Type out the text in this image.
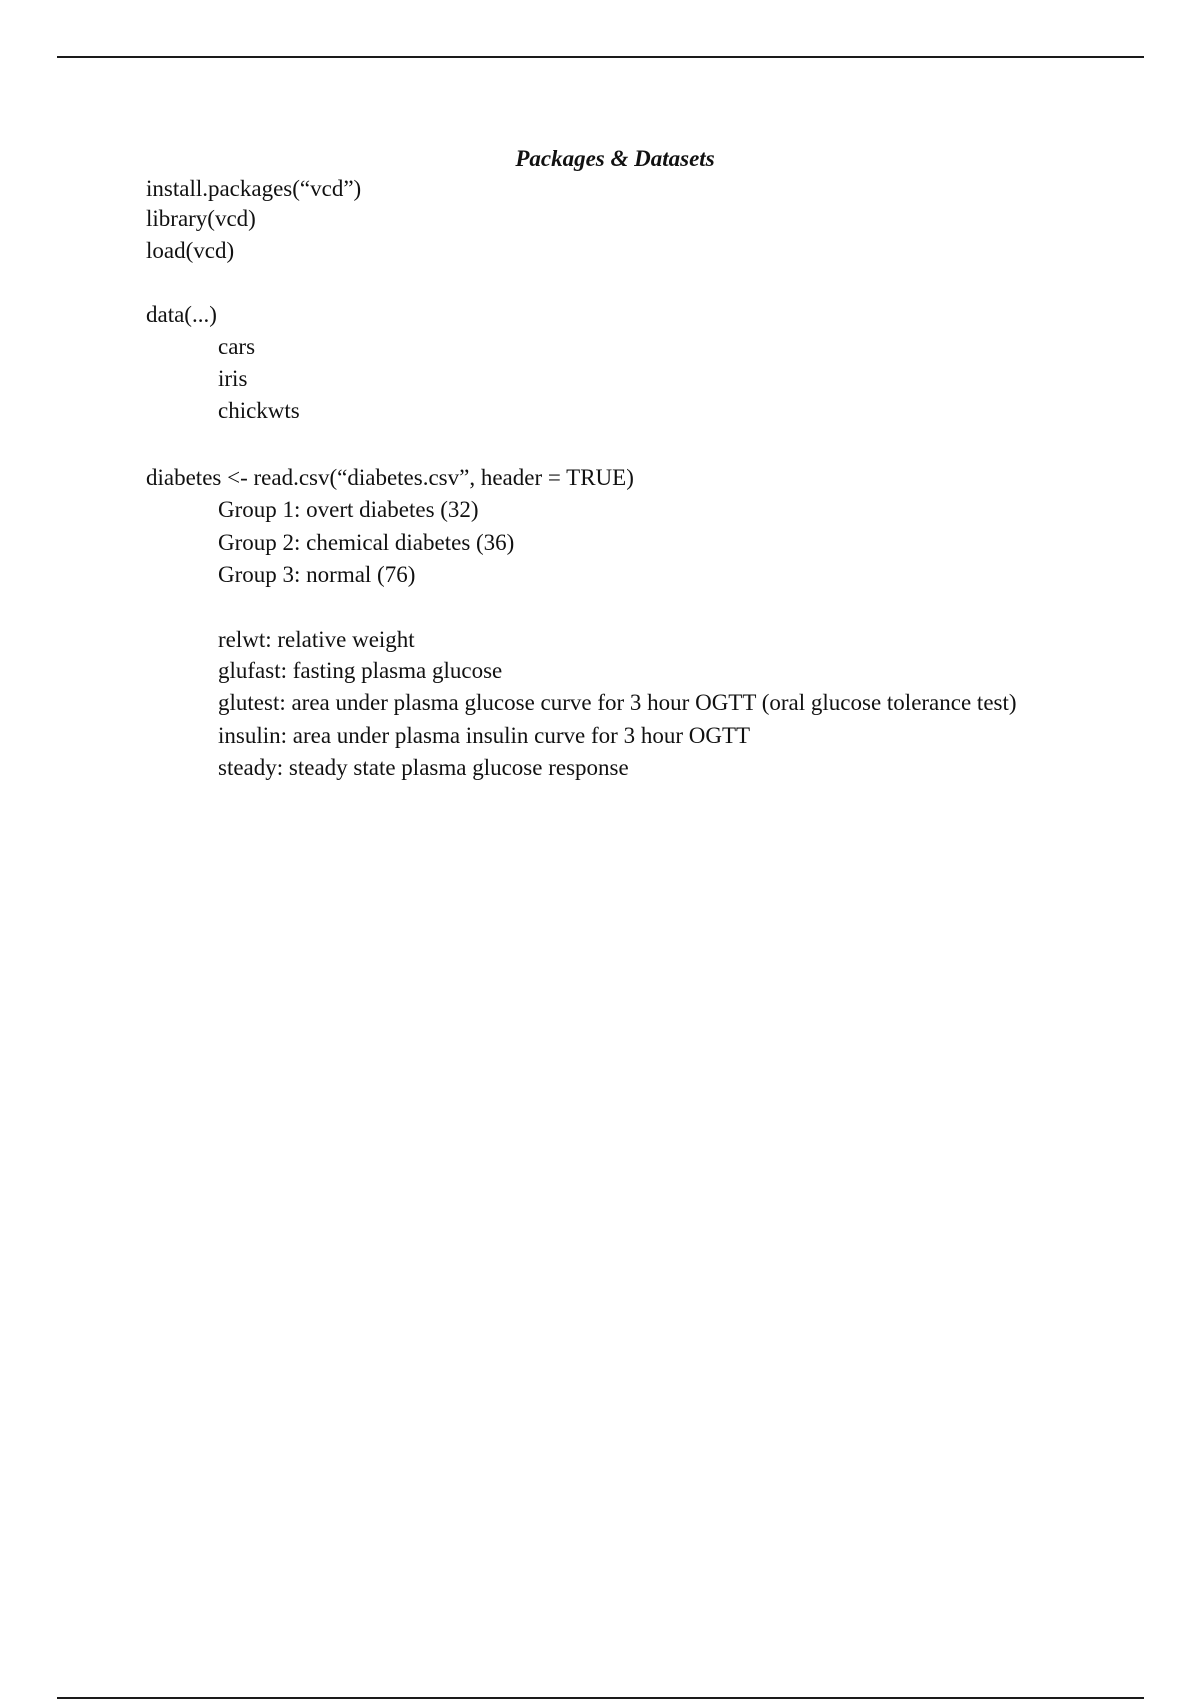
Packages & Datasets

install.packages(“vcd”)

library(vcd)

load(vcd)

data(...)

cars

iris

chickwts

diabetes <- read.csv(“diabetes.csv”, header = TRUE)

Group 1: overt diabetes (32)

Group 2: chemical diabetes (36)

Group 3: normal (76)

relwt: relative weight

glufast: fasting plasma glucose

glutest: area under plasma glucose curve for 3 hour OGTT (oral glucose tolerance test)

insulin: area under plasma insulin curve for 3 hour OGTT

steady: steady state plasma glucose response
